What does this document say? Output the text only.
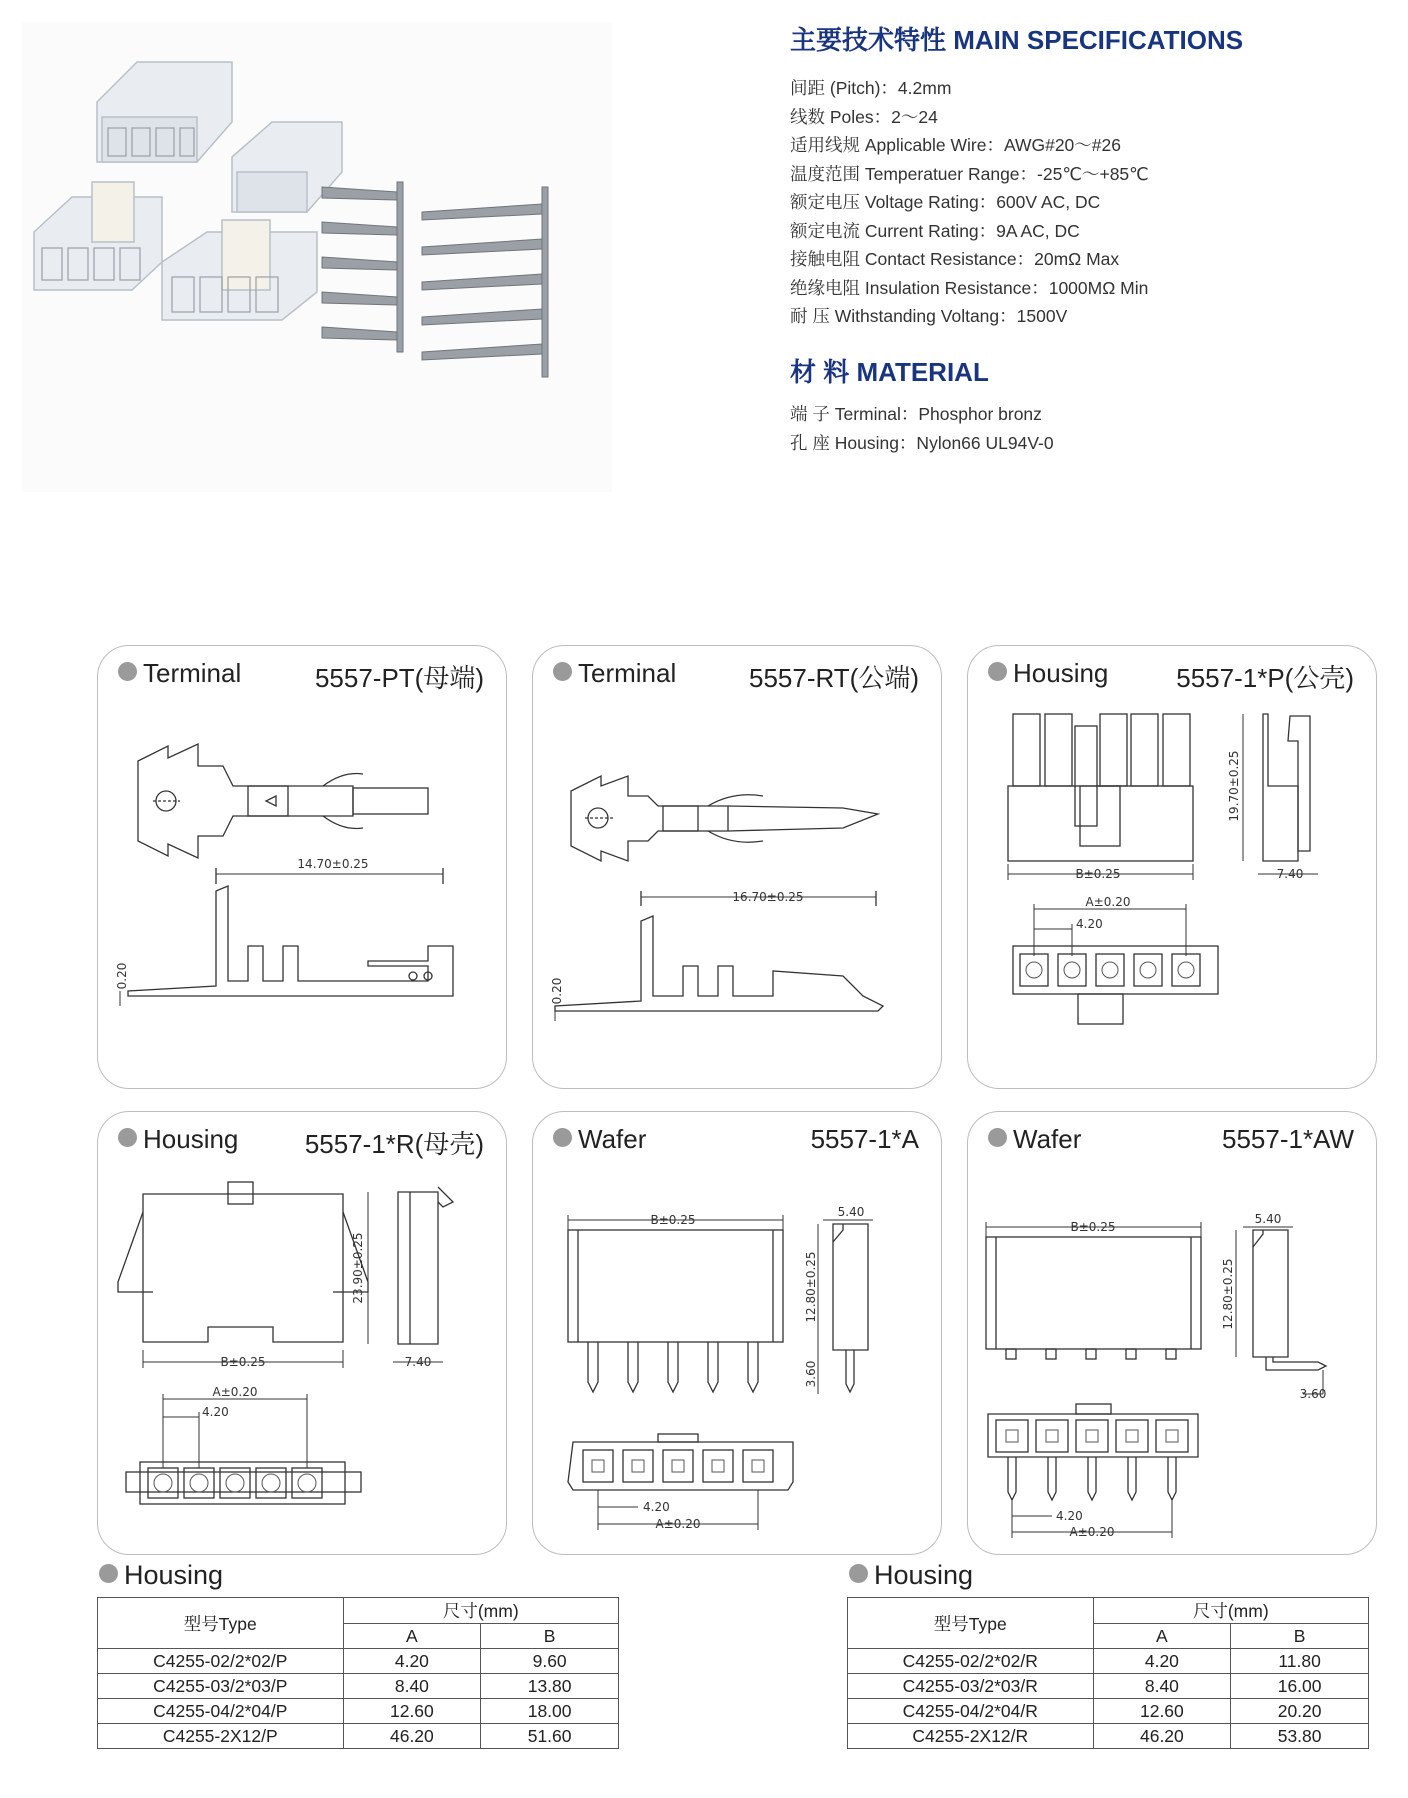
主要技术特性 MAIN SPECIFICATIONS
间距 (Pitch)：4.2mm
线数 Poles：2～24
适用线规 Applicable Wire：AWG#20～#26
温度范围 Temperatuer Range：-25℃～+85℃
额定电压 Voltage Rating：600V AC, DC
额定电流 Current Rating：9A AC, DC
接触电阻 Contact Resistance：20mΩ Max
绝缘电阻 Insulation Resistance：1000MΩ Min
耐 压 Withstanding Voltang：1500V
材 料 MATERIAL
端 子 Terminal：Phosphor bronz
孔 座 Housing：Nylon66 UL94V-0
Terminal	5557-PT(母端)
14.70±0.25
0.20
Terminal	5557-RT(公端)
16.70±0.25
0.20
Housing	5557-1*P(公壳)
B±0.25	7.40
19.70±0.25
A±0.20
4.20
Housing	5557-1*R(母壳)
B±0.25	7.40
23.90±0.25
A±0.20
4.20
Wafer	5557-1*A
B±0.25
5.40
12.80±0.25
3.60
4.20
A±0.20
Wafer	5557-1*AW
B±0.25
5.40
12.80±0.25
3.60
4.20
A±0.20
Housing
型号Type	尺寸(mm)	
	A	B
C4255-02/2*02/P	4.20	9.60
C4255-03/2*03/P	8.40	13.80
C4255-04/2*04/P	12.60	18.00
C4255-2X12/P	46.20	51.60
Housing
型号Type	尺寸(mm)	
	A	B
C4255-02/2*02/R	4.20	11.80
C4255-03/2*03/R	8.40	16.00
C4255-04/2*04/R	12.60	20.20
C4255-2X12/R	46.20	53.80
